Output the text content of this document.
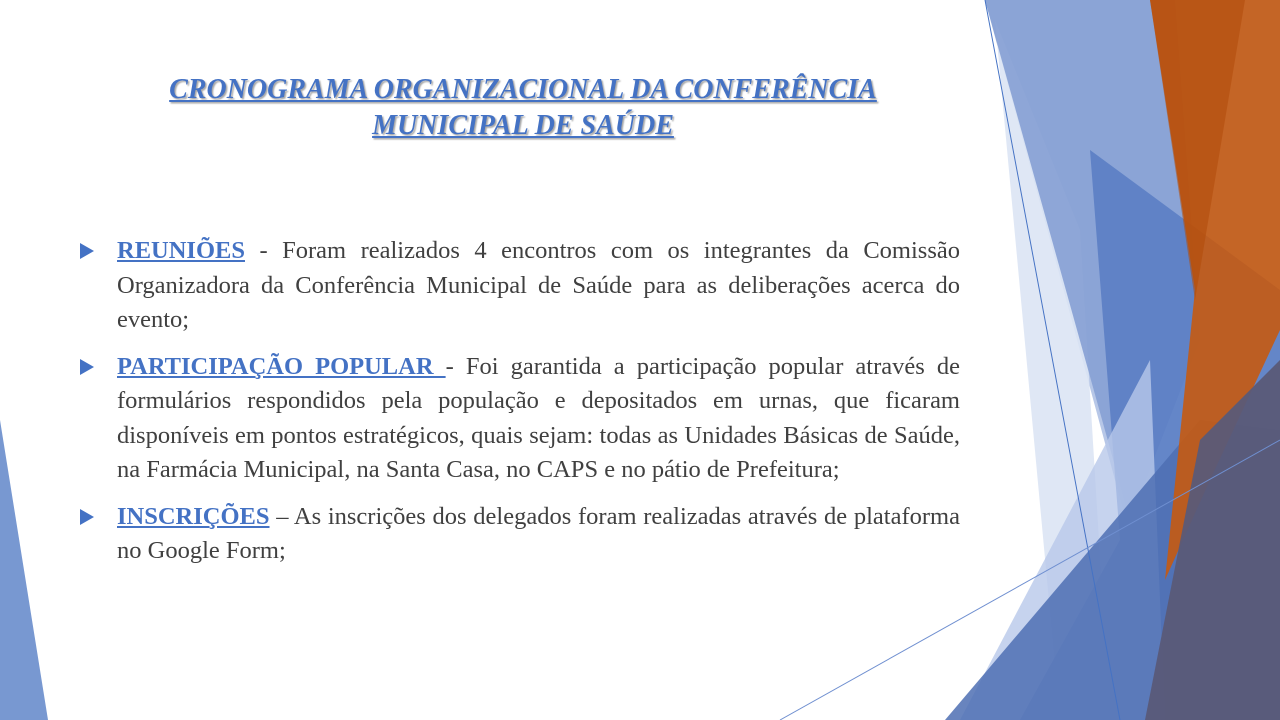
CRONOGRAMA ORGANIZACIONAL DA CONFERÊNCIA
MUNICIPAL DE SAÚDE
REUNIÕES - Foram realizados 4 encontros com os integrantes da Comissão Organizadora da Conferência Municipal de Saúde para as deliberações acerca do evento;
PARTICIPAÇÃO POPULAR - Foi garantida a participação popular através de formulários respondidos pela população e depositados em urnas, que ficaram disponíveis em pontos estratégicos, quais sejam: todas as Unidades Básicas de Saúde, na Farmácia Municipal, na Santa Casa, no CAPS e no pátio de Prefeitura;
INSCRIÇÕES – As inscrições dos delegados foram realizadas através de plataforma no Google Form;
